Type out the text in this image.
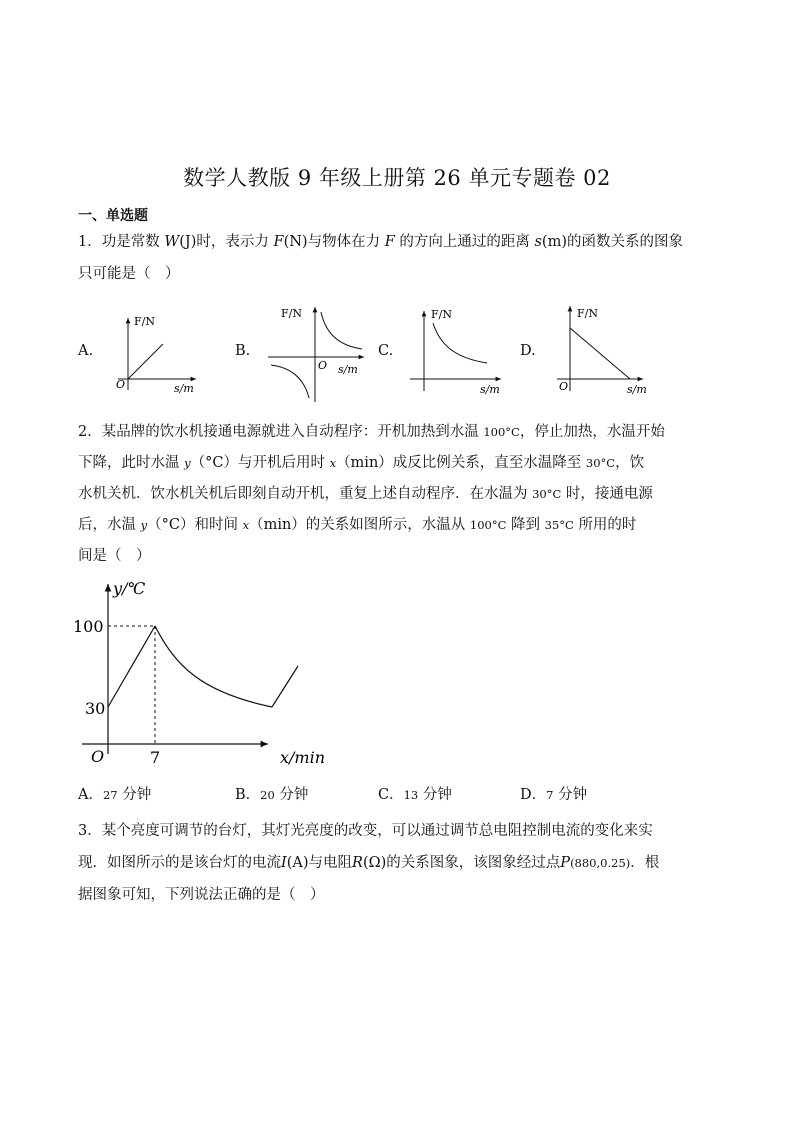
数学人教版 9 年级上册第 26 单元专题卷 02
一、单选题
1．功是常数 W(J)时，表示力 F(N)与物体在力 F 的方向上通过的距离 s(m)的函数关系的图象
只可能是（　）
A.	B.	C.	D.
F/N
s/m
O
F/N
s/m
O
F/N
s/m
F/N
s/m
O
2．某品牌的饮水机接通电源就进入自动程序：开机加热到水温 100°C，停止加热，水温开始
下降，此时水温 y（°C）与开机后用时 x（min）成反比例关系，直至水温降至 30°C，饮
水机关机．饮水机关机后即刻自动开机，重复上述自动程序．在水温为 30°C 时，接通电源
后，水温 y（°C）和时间 x（min）的关系如图所示，水温从 100°C 降到 35°C 所用的时
间是（　）
y/℃
x/min
O
100
30
7
A．27 分钟	B．20 分钟	C．13 分钟	D．7 分钟
3．某个亮度可调节的台灯，其灯光亮度的改变，可以通过调节总电阻控制电流的变化来实
现．如图所示的是该台灯的电流I(A)与电阻R(Ω)的关系图象，该图象经过点P(880,0.25)．根
据图象可知，下列说法正确的是（　）
